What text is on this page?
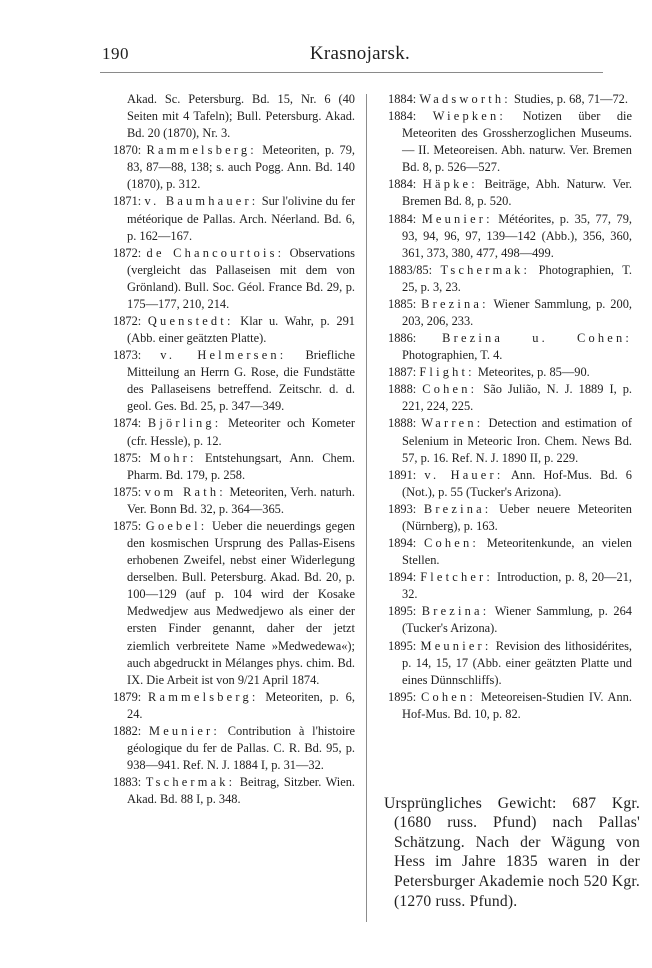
190	Krasnojarsk.

Akad. Sc. Petersburg. Bd. 15, Nr. 6 (40 Seiten mit 4 Tafeln); Bull. Petersburg. Akad. Bd. 20 (1870), Nr. 3.

1870: Rammelsberg: Meteoriten, p. 79, 83, 87—88, 138; s. auch Pogg. Ann. Bd. 140 (1870), p. 312.

1871: v. Baumhauer: Sur l'olivine du fer météorique de Pallas. Arch. Néerland. Bd. 6, p. 162—167.

1872: de Chancourtois: Observations (vergleicht das Pallaseisen mit dem von Grönland). Bull. Soc. Géol. France Bd. 29, p. 175—177, 210, 214.

1872: Quenstedt: Klar u. Wahr, p. 291 (Abb. einer geätzten Platte).

1873: v. Helmersen: Briefliche Mitteilung an Herrn G. Rose, die Fundstätte des Pallaseisens betreffend. Zeitschr. d. d. geol. Ges. Bd. 25, p. 347—349.

1874: Björling: Meteoriter och Kometer (cfr. Hessle), p. 12.

1875: Mohr: Entstehungsart, Ann. Chem. Pharm. Bd. 179, p. 258.

1875: vom Rath: Meteoriten, Verh. naturh. Ver. Bonn Bd. 32, p. 364—365.

1875: Goebel: Ueber die neuerdings gegen den kosmischen Ursprung des Pallas-Eisens erhobenen Zweifel, nebst einer Widerlegung derselben. Bull. Petersburg. Akad. Bd. 20, p. 100—129 (auf p. 104 wird der Kosake Medwedjew aus Medwedjewo als einer der ersten Finder genannt, daher der jetzt ziemlich verbreitete Name »Medwedewa«); auch abgedruckt in Mélanges phys. chim. Bd. IX. Die Arbeit ist von 9/21 April 1874.

1879: Rammelsberg: Meteoriten, p. 6, 24.

1882: Meunier: Contribution à l'histoire géologique du fer de Pallas. C. R. Bd. 95, p. 938—941. Ref. N. J. 1884 I, p. 31—32.

1883: Tschermak: Beitrag, Sitzber. Wien. Akad. Bd. 88 I, p. 348.

1884: Wadsworth: Studies, p. 68, 71—72.

1884: Wiepken: Notizen über die Meteoriten des Grossherzoglichen Museums. — II. Meteoreisen. Abh. naturw. Ver. Bremen Bd. 8, p. 526—527.

1884: Häpke: Beiträge, Abh. Naturw. Ver. Bremen Bd. 8, p. 520.

1884: Meunier: Météorites, p. 35, 77, 79, 93, 94, 96, 97, 139—142 (Abb.), 356, 360, 361, 373, 380, 477, 498—499.

1883/85: Tschermak: Photographien, T. 25, p. 3, 23.

1885: Brezina: Wiener Sammlung, p. 200, 203, 206, 233.

1886: Brezina u. Cohen: Photographien, T. 4.

1887: Flight: Meteorites, p. 85—90.

1888: Cohen: São Julião, N. J. 1889 I, p. 221, 224, 225.

1888: Warren: Detection and estimation of Selenium in Meteoric Iron. Chem. News Bd. 57, p. 16. Ref. N. J. 1890 II, p. 229.

1891: v. Hauer: Ann. Hof-Mus. Bd. 6 (Not.), p. 55 (Tucker's Arizona).

1893: Brezina: Ueber neuere Meteoriten (Nürnberg), p. 163.

1894: Cohen: Meteoritenkunde, an vielen Stellen.

1894: Fletcher: Introduction, p. 8, 20—21, 32.

1895: Brezina: Wiener Sammlung, p. 264 (Tucker's Arizona).

1895: Meunier: Revision des lithosidérites, p. 14, 15, 17 (Abb. einer geätzten Platte und eines Dünnschliffs).

1895: Cohen: Meteoreisen-Studien IV. Ann. Hof-Mus. Bd. 10, p. 82.

Ursprüngliches Gewicht: 687 Kgr. (1680 russ. Pfund) nach Pallas' Schätzung. Nach der Wägung von Hess im Jahre 1835 waren in der Petersburger Akademie noch 520 Kgr. (1270 russ. Pfund).
